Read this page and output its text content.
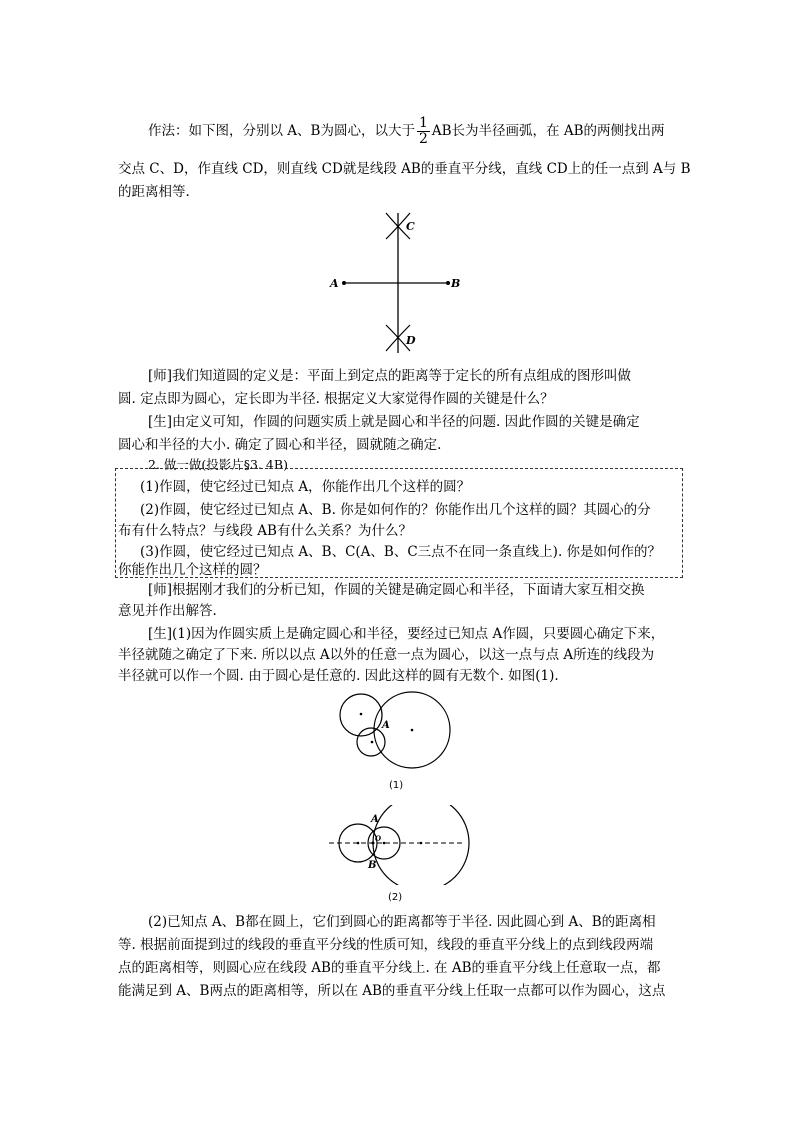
作法：如下图，分别以 A、B为圆心，以大于 $\frac{1}{2}$ AB长为半径画弧，在 AB的两侧找出两
交点 C、D，作直线 CD，则直线 CD就是线段 AB的垂直平分线，直线 CD上的任一点到 A与 B
的距离相等.
A	B
C
D
[师]我们知道圆的定义是：平面上到定点的距离等于定长的所有点组成的图形叫做
圆. 定点即为圆心，定长即为半径. 根据定义大家觉得作圆的关键是什么？
[生]由定义可知，作圆的问题实质上就是圆心和半径的问题. 因此作圆的关键是确定
圆心和半径的大小. 确定了圆心和半径，圆就随之确定.
2. 做一做(投影片§3. 4B)
(1)作圆，使它经过已知点 A，你能作出几个这样的圆？
(2)作圆，使它经过已知点 A、B. 你是如何作的？你能作出几个这样的圆？其圆心的分
布有什么特点？与线段 AB有什么关系？为什么？
(3)作圆，使它经过已知点 A、B、C(A、B、C三点不在同一条直线上). 你是如何作的？
你能作出几个这样的圆？
[师]根据刚才我们的分析已知，作圆的关键是确定圆心和半径，下面请大家互相交换
意见并作出解答.
[生](1)因为作圆实质上是确定圆心和半径，要经过已知点 A作圆，只要圆心确定下来，
半径就随之确定了下来. 所以以点 A以外的任意一点为圆心，以这一点与点 A所连的线段为
半径就可以作一个圆. 由于圆心是任意的. 因此这样的圆有无数个. 如图(1).
A
(1)
A
B
O
(2)
(2)已知点 A、B都在圆上，它们到圆心的距离都等于半径. 因此圆心到 A、B的距离相
等. 根据前面提到过的线段的垂直平分线的性质可知，线段的垂直平分线上的点到线段两端
点的距离相等，则圆心应在线段 AB的垂直平分线上. 在 AB的垂直平分线上任意取一点，都
能满足到 A、B两点的距离相等，所以在 AB的垂直平分线上任取一点都可以作为圆心，这点
